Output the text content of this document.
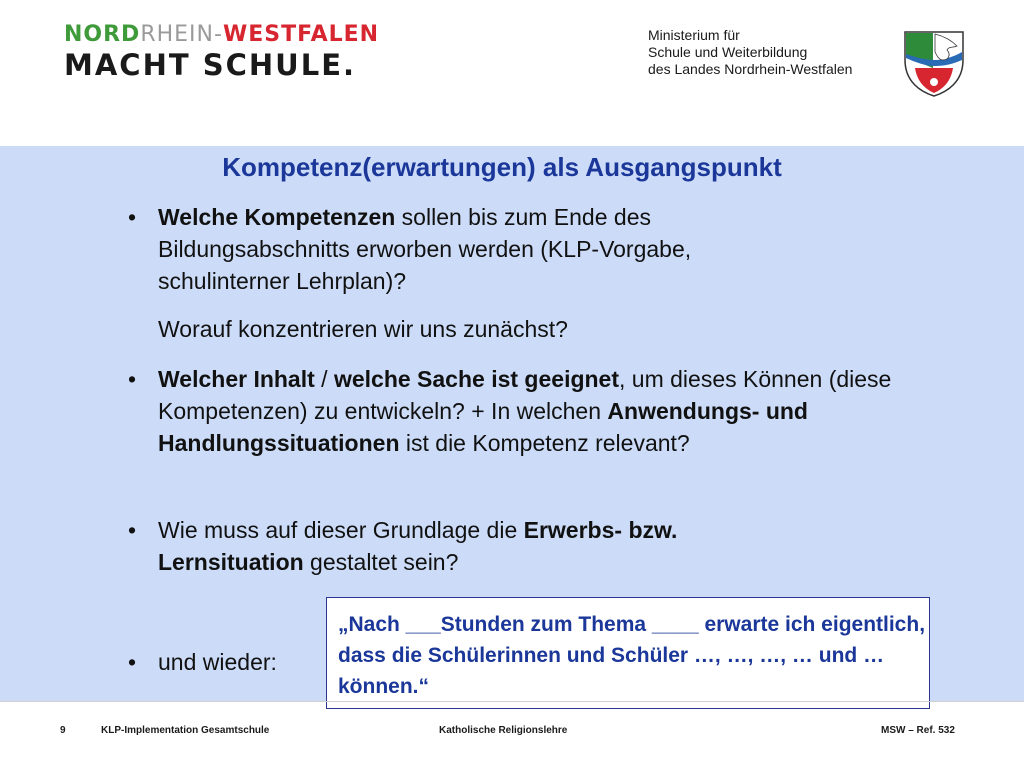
NORDRHEIN-WESTFALEN
MACHT SCHULE.
Ministerium für
Schule und Weiterbildung
des Landes Nordrhein-Westfalen
Kompetenz(erwartungen) als Ausgangspunkt
• Welche Kompetenzen sollen bis zum Ende des Bildungsabschnitts erworben werden (KLP-Vorgabe, schulinterner Lehrplan)?
Worauf konzentrieren wir uns zunächst?
• Welcher Inhalt / welche Sache ist geeignet, um dieses Können (diese Kompetenzen) zu entwickeln? + In welchen Anwendungs- und Handlungssituationen ist die Kompetenz relevant?
• Wie muss auf dieser Grundlage die Erwerbs- bzw. Lernsituation gestaltet sein?
• und wieder:
„Nach ___Stunden zum Thema ____ erwarte ich eigentlich, dass die Schülerinnen und Schüler …, …, …, … und … können.“
9	KLP-Implementation Gesamtschule	Katholische Religionslehre	MSW – Ref. 532
